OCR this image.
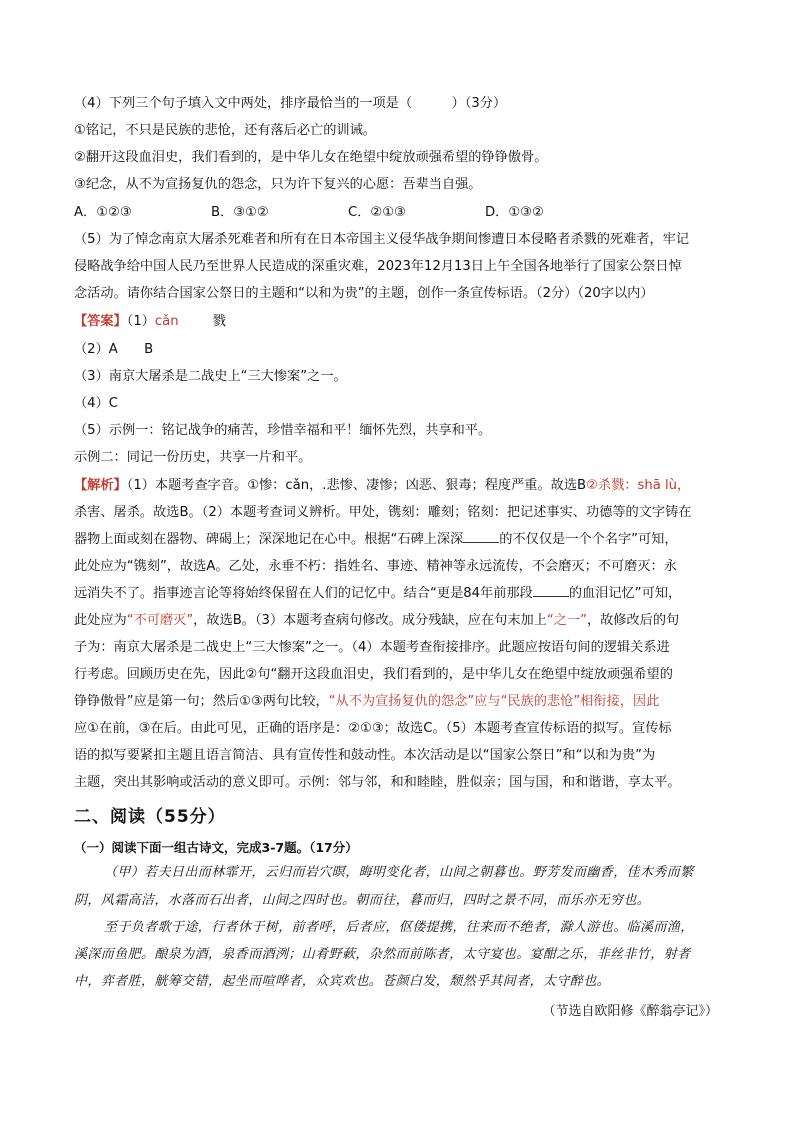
（4）下列三个句子填入文中两处，排序最恰当的一项是（　　　）（3分）
①铭记，不只是民族的悲怆，还有落后必亡的训诫。
②翻开这段血泪史，我们看到的，是中华儿女在绝望中绽放顽强希望的铮铮傲骨。
③纪念，从不为宣扬复仇的怨念，只为许下复兴的心愿：吾辈当自强。
A．①②③	B．③①②	C．②①③	D．①③②
（5）为了悼念南京大屠杀死难者和所有在日本帝国主义侵华战争期间惨遭日本侵略者杀戮的死难者，牢记
侵略战争给中国人民乃至世界人民造成的深重灾难，2023年12月13日上午全国各地举行了国家公祭日悼
念活动。请你结合国家公祭日的主题和“以和为贵”的主题，创作一条宣传标语。（2分）（20字以内）
【答案】（1）cǎn	戮
（2）A　　B
（3）南京大屠杀是二战史上“三大惨案”之一。
（4）C
（5）示例一：铭记战争的痛苦，珍惜幸福和平！缅怀先烈，共享和平。
示例二：同记一份历史，共享一片和平。
【解析】（1）本题考查字音。①惨：cǎn，.悲惨、凄惨；凶恶、狠毒；程度严重。故选B②杀戮：shā lù，
杀害、屠杀。故选B。（2）本题考查词义辨析。甲处，镌刻：雕刻；铭刻：把记述事实、功德等的文字铸在
器物上面或刻在器物、碑碣上；深深地记在心中。根据“石碑上深深	的不仅仅是一个个名字”可知，
此处应为“镌刻”，故选A。乙处，永垂不朽：指姓名、事迹、精神等永远流传，不会磨灭；不可磨灭：永
远消失不了。指事迹言论等将始终保留在人们的记忆中。结合“更是84年前那段	的血泪记忆”可知，
此处应为“不可磨灭”，故选B。（3）本题考查病句修改。成分残缺，应在句末加上“之一”，故修改后的句
子为：南京大屠杀是二战史上“三大惨案”之一。（4）本题考查衔接排序。此题应按语句间的逻辑关系进
行考虑。回顾历史在先，因此②句“翻开这段血泪史，我们看到的，是中华儿女在绝望中绽放顽强希望的
铮铮傲骨”应是第一句；然后①③两句比较，“从不为宣扬复仇的怨念”应与“民族的悲怆”相衔接，因此
应①在前，③在后。由此可见，正确的语序是：②①③；故选C。（5）本题考查宣传标语的拟写。宣传标
语的拟写要紧扣主题且语言简洁、具有宣传性和鼓动性。本次活动是以“国家公祭日”和“以和为贵”为
主题，突出其影响或活动的意义即可。示例：邻与邻，和和睦睦，胜似亲；国与国，和和谐谐，享太平。
二、阅读（55分）
（一）阅读下面一组古诗文，完成3-7题。（17分）
（甲）若夫日出而林霏开，云归而岩穴暝，晦明变化者，山间之朝暮也。野芳发而幽香，佳木秀而繁
阴，风霜高洁，水落而石出者，山间之四时也。朝而往，暮而归，四时之景不同，而乐亦无穷也。
至于负者歌于途，行者休于树，前者呼，后者应，伛偻提携，往来而不绝者，滁人游也。临溪而渔，
溪深而鱼肥。酿泉为酒，泉香而酒洌；山肴野蔌，杂然而前陈者，太守宴也。宴酣之乐，非丝非竹，射者
中，弈者胜，觥筹交错，起坐而喧哗者，众宾欢也。苍颜白发，颓然乎其间者，太守醉也。
（节选自欧阳修《醉翁亭记》）
